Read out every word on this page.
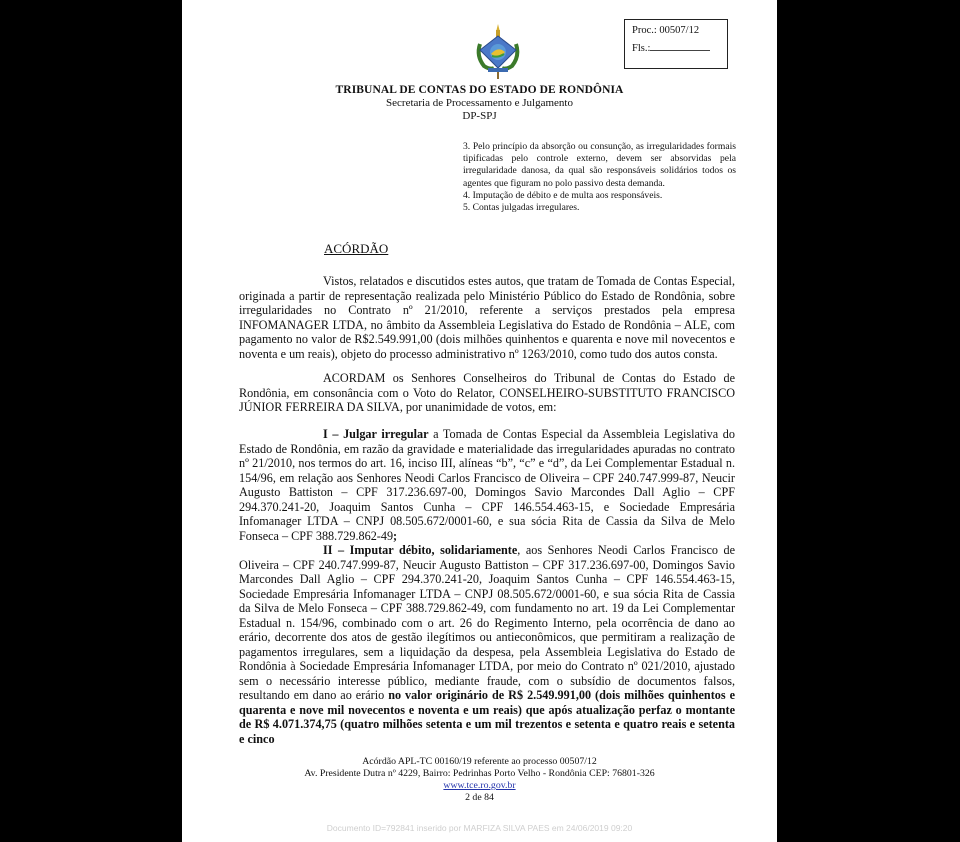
Proc.: 00507/12
Fls.:
TRIBUNAL DE CONTAS DO ESTADO DE RONDÔNIA
Secretaria de Processamento e Julgamento
DP-SPJ

3. Pelo princípio da absorção ou consunção, as irregularidades formais tipificadas pelo controle externo, devem ser absorvidas pela irregularidade danosa, da qual são responsáveis solidários todos os agentes que figuram no polo passivo desta demanda.

4. Imputação de débito e de multa aos responsáveis.

5. Contas julgadas irregulares.

ACÓRDÃO

Vistos, relatados e discutidos estes autos, que tratam de Tomada de Contas Especial, originada a partir de representação realizada pelo Ministério Público do Estado de Rondônia, sobre irregularidades no Contrato nº 21/2010, referente a serviços prestados pela empresa INFOMANAGER LTDA, no âmbito da Assembleia Legislativa do Estado de Rondônia – ALE, com pagamento no valor de R$2.549.991,00 (dois milhões quinhentos e quarenta e nove mil novecentos e noventa e um reais), objeto do processo administrativo nº 1263/2010, como tudo dos autos consta.

ACORDAM os Senhores Conselheiros do Tribunal de Contas do Estado de Rondônia, em consonância com o Voto do Relator, CONSELHEIRO-SUBSTITUTO FRANCISCO JÚNIOR FERREIRA DA SILVA, por unanimidade de votos, em:

I – Julgar irregular a Tomada de Contas Especial da Assembleia Legislativa do Estado de Rondônia, em razão da gravidade e materialidade das irregularidades apuradas no contrato nº 21/2010, nos termos do art. 16, inciso III, alíneas “b”, “c” e “d”, da Lei Complementar Estadual n. 154/96, em relação aos Senhores Neodi Carlos Francisco de Oliveira – CPF 240.747.999-87, Neucir Augusto Battiston – CPF 317.236.697-00, Domingos Savio Marcondes Dall Aglio – CPF 294.370.241-20, Joaquim Santos Cunha – CPF 146.554.463-15, e Sociedade Empresária Infomanager LTDA – CNPJ 08.505.672/0001-60, e sua sócia Rita de Cassia da Silva de Melo Fonseca – CPF 388.729.862-49;

II – Imputar débito, solidariamente, aos Senhores Neodi Carlos Francisco de Oliveira – CPF 240.747.999-87, Neucir Augusto Battiston – CPF 317.236.697-00, Domingos Savio Marcondes Dall Aglio – CPF 294.370.241-20, Joaquim Santos Cunha – CPF 146.554.463-15, Sociedade Empresária Infomanager LTDA – CNPJ 08.505.672/0001-60, e sua sócia Rita de Cassia da Silva de Melo Fonseca – CPF 388.729.862-49, com fundamento no art. 19 da Lei Complementar Estadual n. 154/96, combinado com o art. 26 do Regimento Interno, pela ocorrência de dano ao erário, decorrente dos atos de gestão ilegítimos ou antieconômicos, que permitiram a realização de pagamentos irregulares, sem a liquidação da despesa, pela Assembleia Legislativa do Estado de Rondônia à Sociedade Empresária Infomanager LTDA, por meio do Contrato nº 021/2010, ajustado sem o necessário interesse público, mediante fraude, com o subsídio de documentos falsos, resultando em dano ao erário no valor originário de R$ 2.549.991,00 (dois milhões quinhentos e quarenta e nove mil novecentos e noventa e um reais) que após atualização perfaz o montante de R$ 4.071.374,75 (quatro milhões setenta e um mil trezentos e setenta e quatro reais e setenta e cinco

Acórdão APL-TC 00160/19 referente ao processo 00507/12
Av. Presidente Dutra nº 4229, Bairro: Pedrinhas Porto Velho - Rondônia CEP: 76801-326
www.tce.ro.gov.br
2 de 84
Documento ID=792841 inserido por MARFIZA SILVA PAES em 24/06/2019 09:20
